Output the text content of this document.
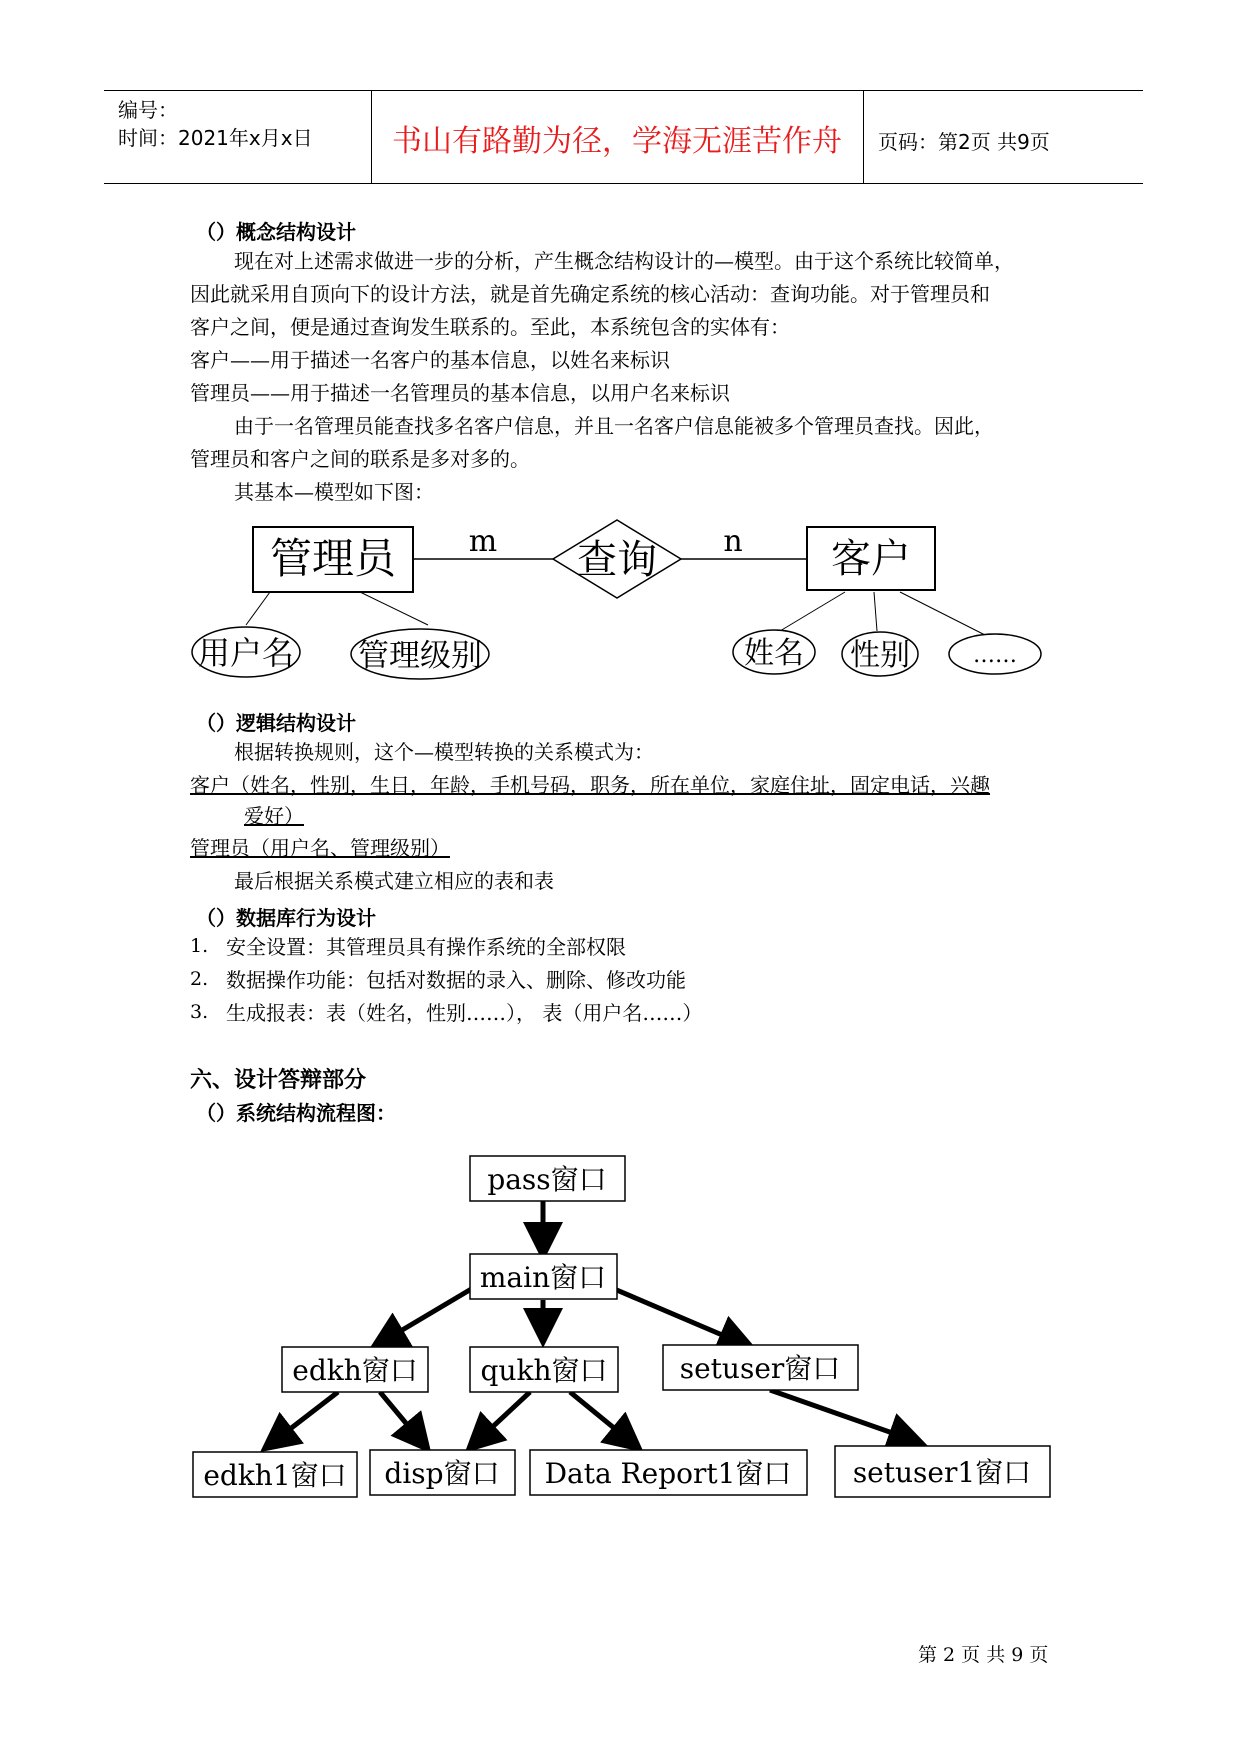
编号：
时间：2021年x月x日	书山有路勤为径，学海无涯苦作舟	页码：第2页 共9页
（）概念结构设计
现在对上述需求做进一步的分析，产生概念结构设计的—模型。由于这个系统比较简单，
因此就采用自顶向下的设计方法，就是首先确定系统的核心活动：查询功能。对于管理员和
客户之间，便是通过查询发生联系的。至此，本系统包含的实体有：
客户——用于描述一名客户的基本信息，以姓名来标识
管理员——用于描述一名管理员的基本信息，以用户名来标识
由于一名管理员能查找多名客户信息，并且一名客户信息能被多个管理员查找。因此，
管理员和客户之间的联系是多对多的。
其基本—模型如下图：
管理员	查询	客户
m	n
用户名 管理级别	姓名 性别	……
（）逻辑结构设计
根据转换规则，这个—模型转换的关系模式为：
客户（姓名，性别，生日，年龄，手机号码，职务，所在单位，家庭住址，固定电话，兴趣
爱好）
管理员（用户名、管理级别）
最后根据关系模式建立相应的表和表
（）数据库行为设计
1. 安全设置：其管理员具有操作系统的全部权限
2. 数据操作功能：包括对数据的录入、删除、修改功能
3. 生成报表：表（姓名，性别……）， 表（用户名……）
六、设计答辩部分
（）系统结构流程图：
pass窗口
main窗口
edkh窗口 qukh窗口	setuser窗口
edkh1窗口 disp窗口 Data Report1窗口 setuser1窗口
第 2 页 共 9 页
